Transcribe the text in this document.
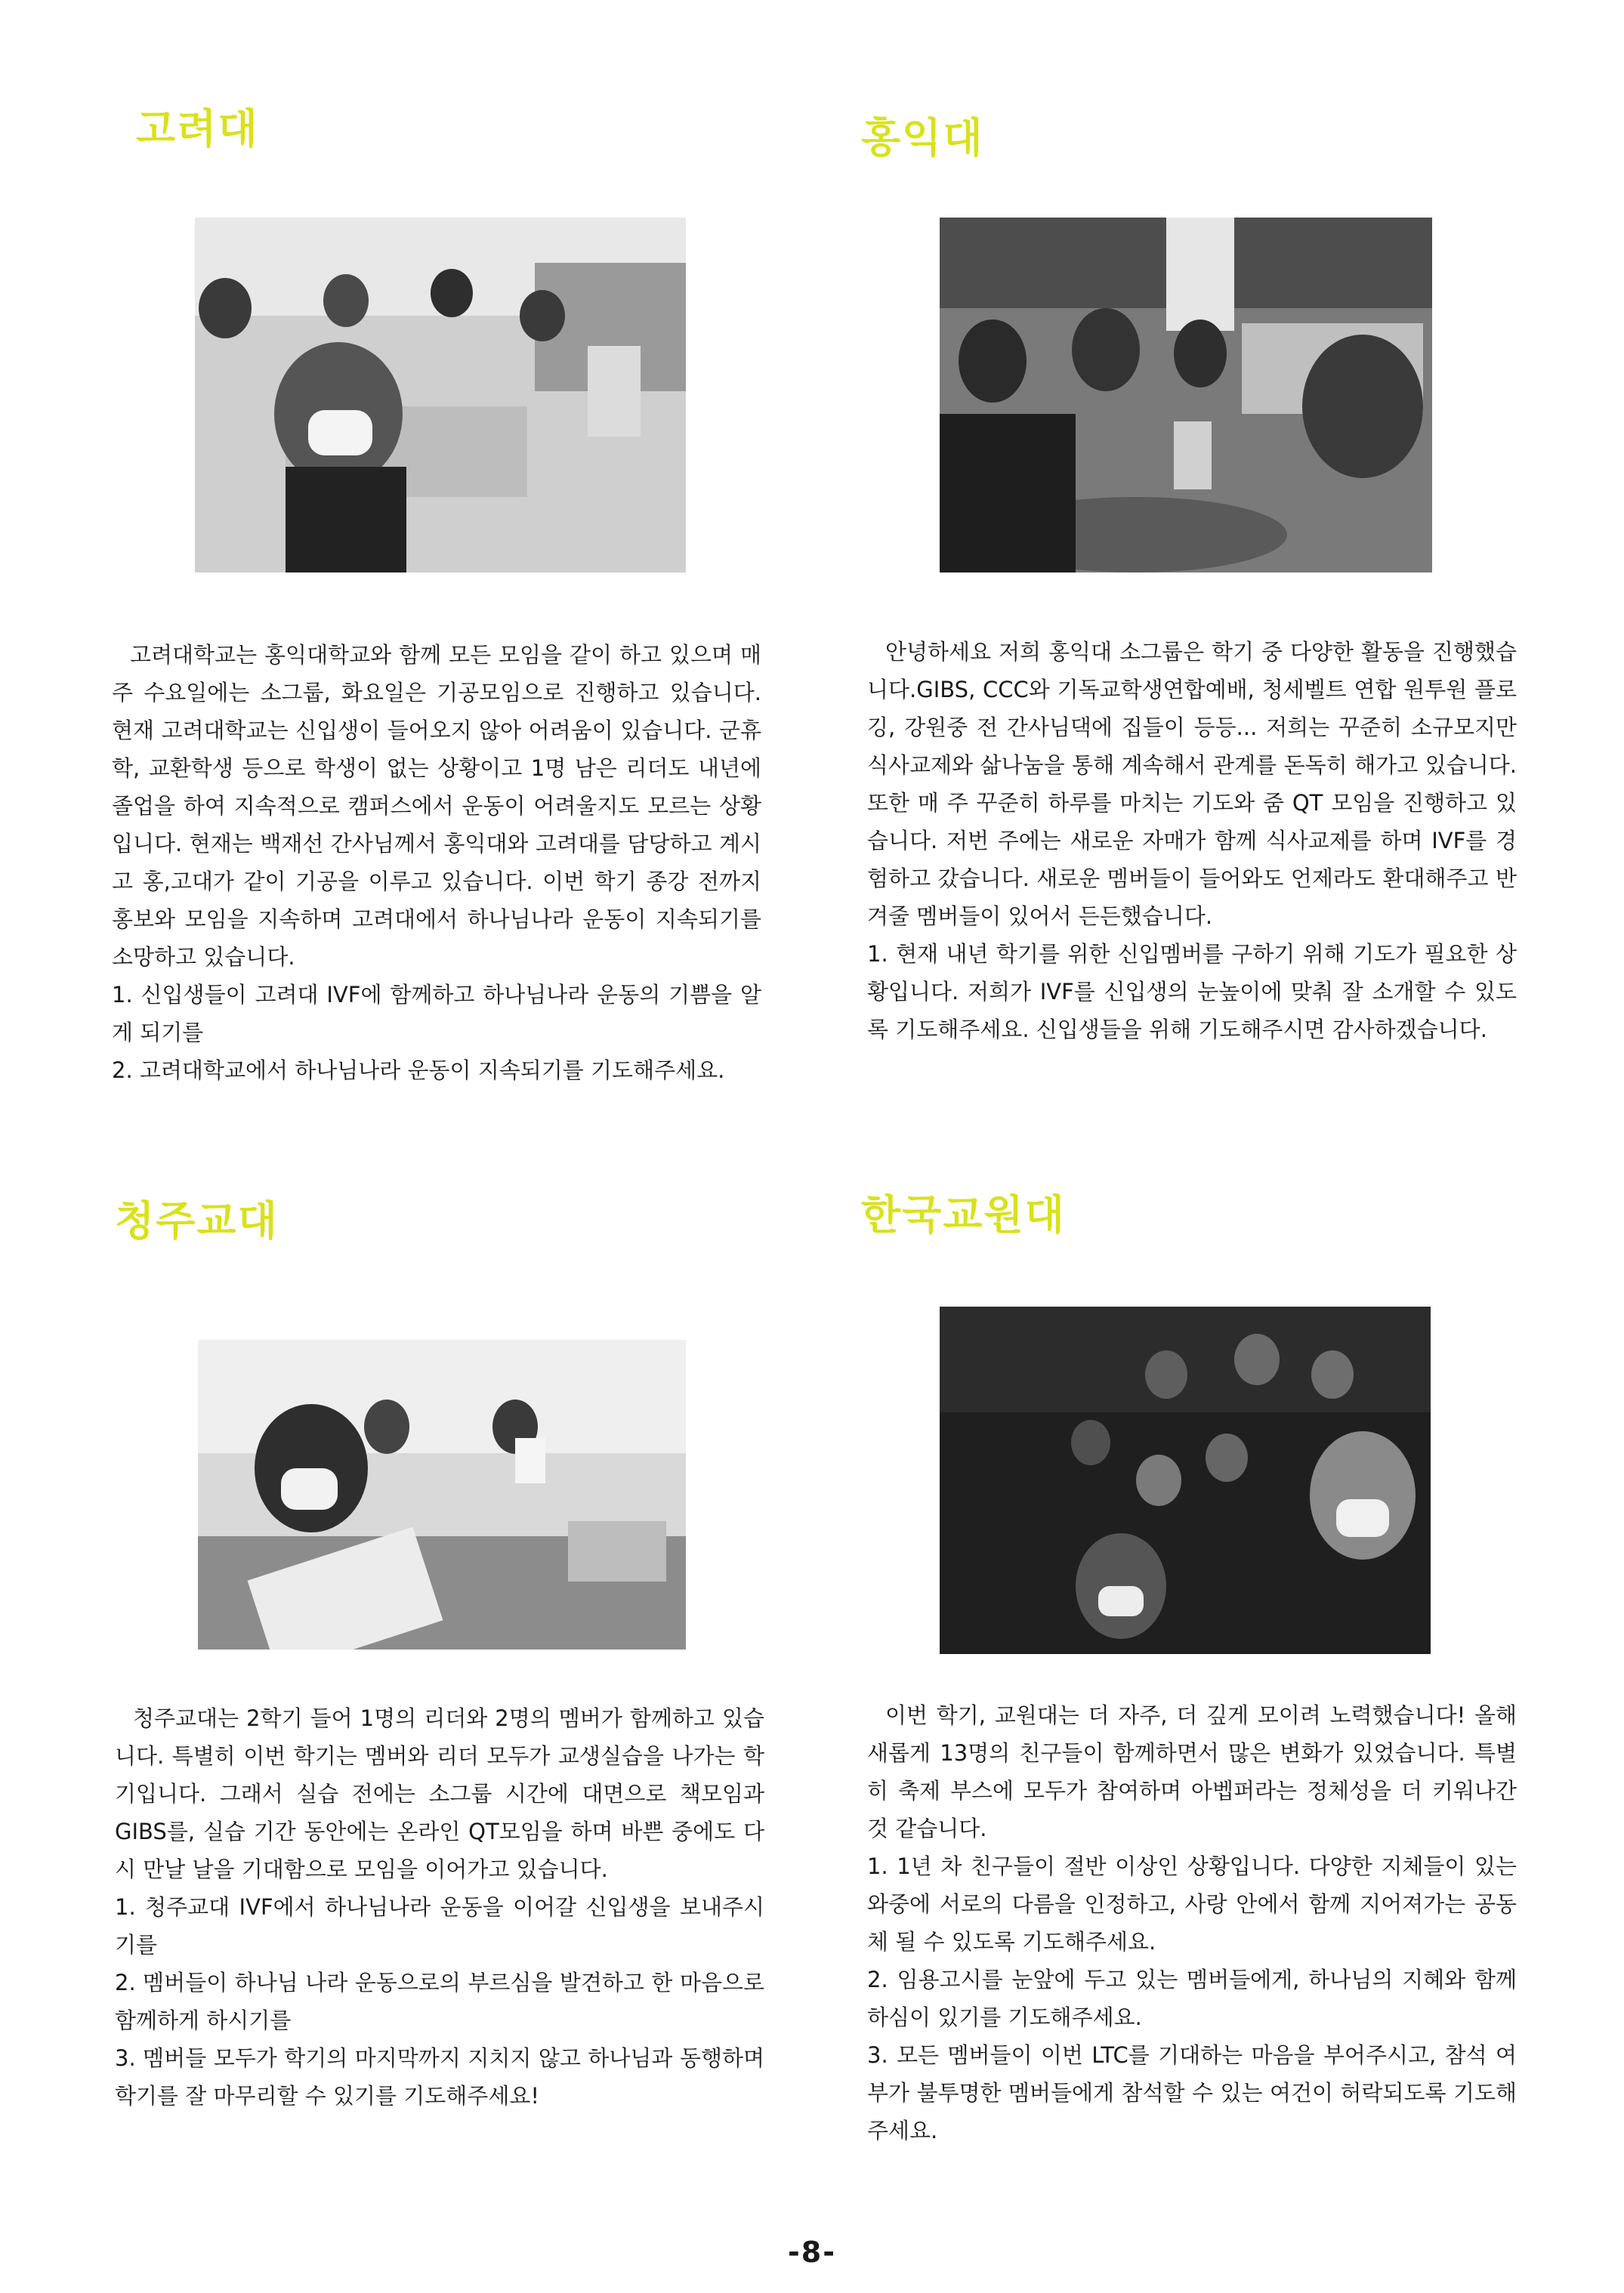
고려대

고려대학교는 홍익대학교와 함께 모든 모임을 같이 하고 있으며 매주 수요일에는 소그룹, 화요일은 기공모임으로 진행하고 있습니다. 현재 고려대학교는 신입생이 들어오지 않아 어려움이 있습니다. 군휴학, 교환학생 등으로 학생이 없는 상황이고 1명 남은 리더도 내년에 졸업을 하여 지속적으로 캠퍼스에서 운동이 어려울지도 모르는 상황입니다. 현재는 백재선 간사님께서 홍익대와 고려대를 담당하고 계시고 홍,고대가 같이 기공을 이루고 있습니다. 이번 학기 종강 전까지 홍보와 모임을 지속하며 고려대에서 하나님나라 운동이 지속되기를 소망하고 있습니다.

1. 신입생들이 고려대 IVF에 함께하고 하나님나라 운동의 기쁨을 알게 되기를

2. 고려대학교에서 하나님나라 운동이 지속되기를 기도해주세요.

홍익대

안녕하세요 저희 홍익대 소그룹은 학기 중 다양한 활동을 진행했습니다.GIBS, CCC와 기독교학생연합예배, 청세벨트 연합 원투원 플로깅, 강원중 전 간사님댁에 집들이 등등... 저희는 꾸준히 소규모지만 식사교제와 삶나눔을 통해 계속해서 관계를 돈독히 해가고 있습니다. 또한 매 주 꾸준히 하루를 마치는 기도와 줌 QT 모임을 진행하고 있습니다. 저번 주에는 새로운 자매가 함께 식사교제를 하며 IVF를 경험하고 갔습니다. 새로운 멤버들이 들어와도 언제라도 환대해주고 반겨줄 멤버들이 있어서 든든했습니다.

1. 현재 내년 학기를 위한 신입멤버를 구하기 위해 기도가 필요한 상황입니다. 저희가 IVF를 신입생의 눈높이에 맞춰 잘 소개할 수 있도록 기도해주세요. 신입생들을 위해 기도해주시면 감사하겠습니다.

청주교대

청주교대는 2학기 들어 1명의 리더와 2명의 멤버가 함께하고 있습니다. 특별히 이번 학기는 멤버와 리더 모두가 교생실습을 나가는 학기입니다. 그래서 실습 전에는 소그룹 시간에 대면으로 책모임과 GIBS를, 실습 기간 동안에는 온라인 QT모임을 하며 바쁜 중에도 다시 만날 날을 기대함으로 모임을 이어가고 있습니다.

1. 청주교대 IVF에서 하나님나라 운동을 이어갈 신입생을 보내주시기를

2. 멤버들이 하나님 나라 운동으로의 부르심을 발견하고 한 마음으로 함께하게 하시기를

3. 멤버들 모두가 학기의 마지막까지 지치지 않고 하나님과 동행하며 학기를 잘 마무리할 수 있기를 기도해주세요!

한국교원대

이번 학기, 교원대는 더 자주, 더 깊게 모이려 노력했습니다! 올해 새롭게 13명의 친구들이 함께하면서 많은 변화가 있었습니다. 특별히 축제 부스에 모두가 참여하며 아벱퍼라는 정체성을 더 키워나간 것 같습니다.

1. 1년 차 친구들이 절반 이상인 상황입니다. 다양한 지체들이 있는 와중에 서로의 다름을 인정하고, 사랑 안에서 함께 지어져가는 공동체 될 수 있도록 기도해주세요.

2. 임용고시를 눈앞에 두고 있는 멤버들에게, 하나님의 지혜와 함께하심이 있기를 기도해주세요.

3. 모든 멤버들이 이번 LTC를 기대하는 마음을 부어주시고, 참석 여부가 불투명한 멤버들에게 참석할 수 있는 여건이 허락되도록 기도해주세요.

-8-
